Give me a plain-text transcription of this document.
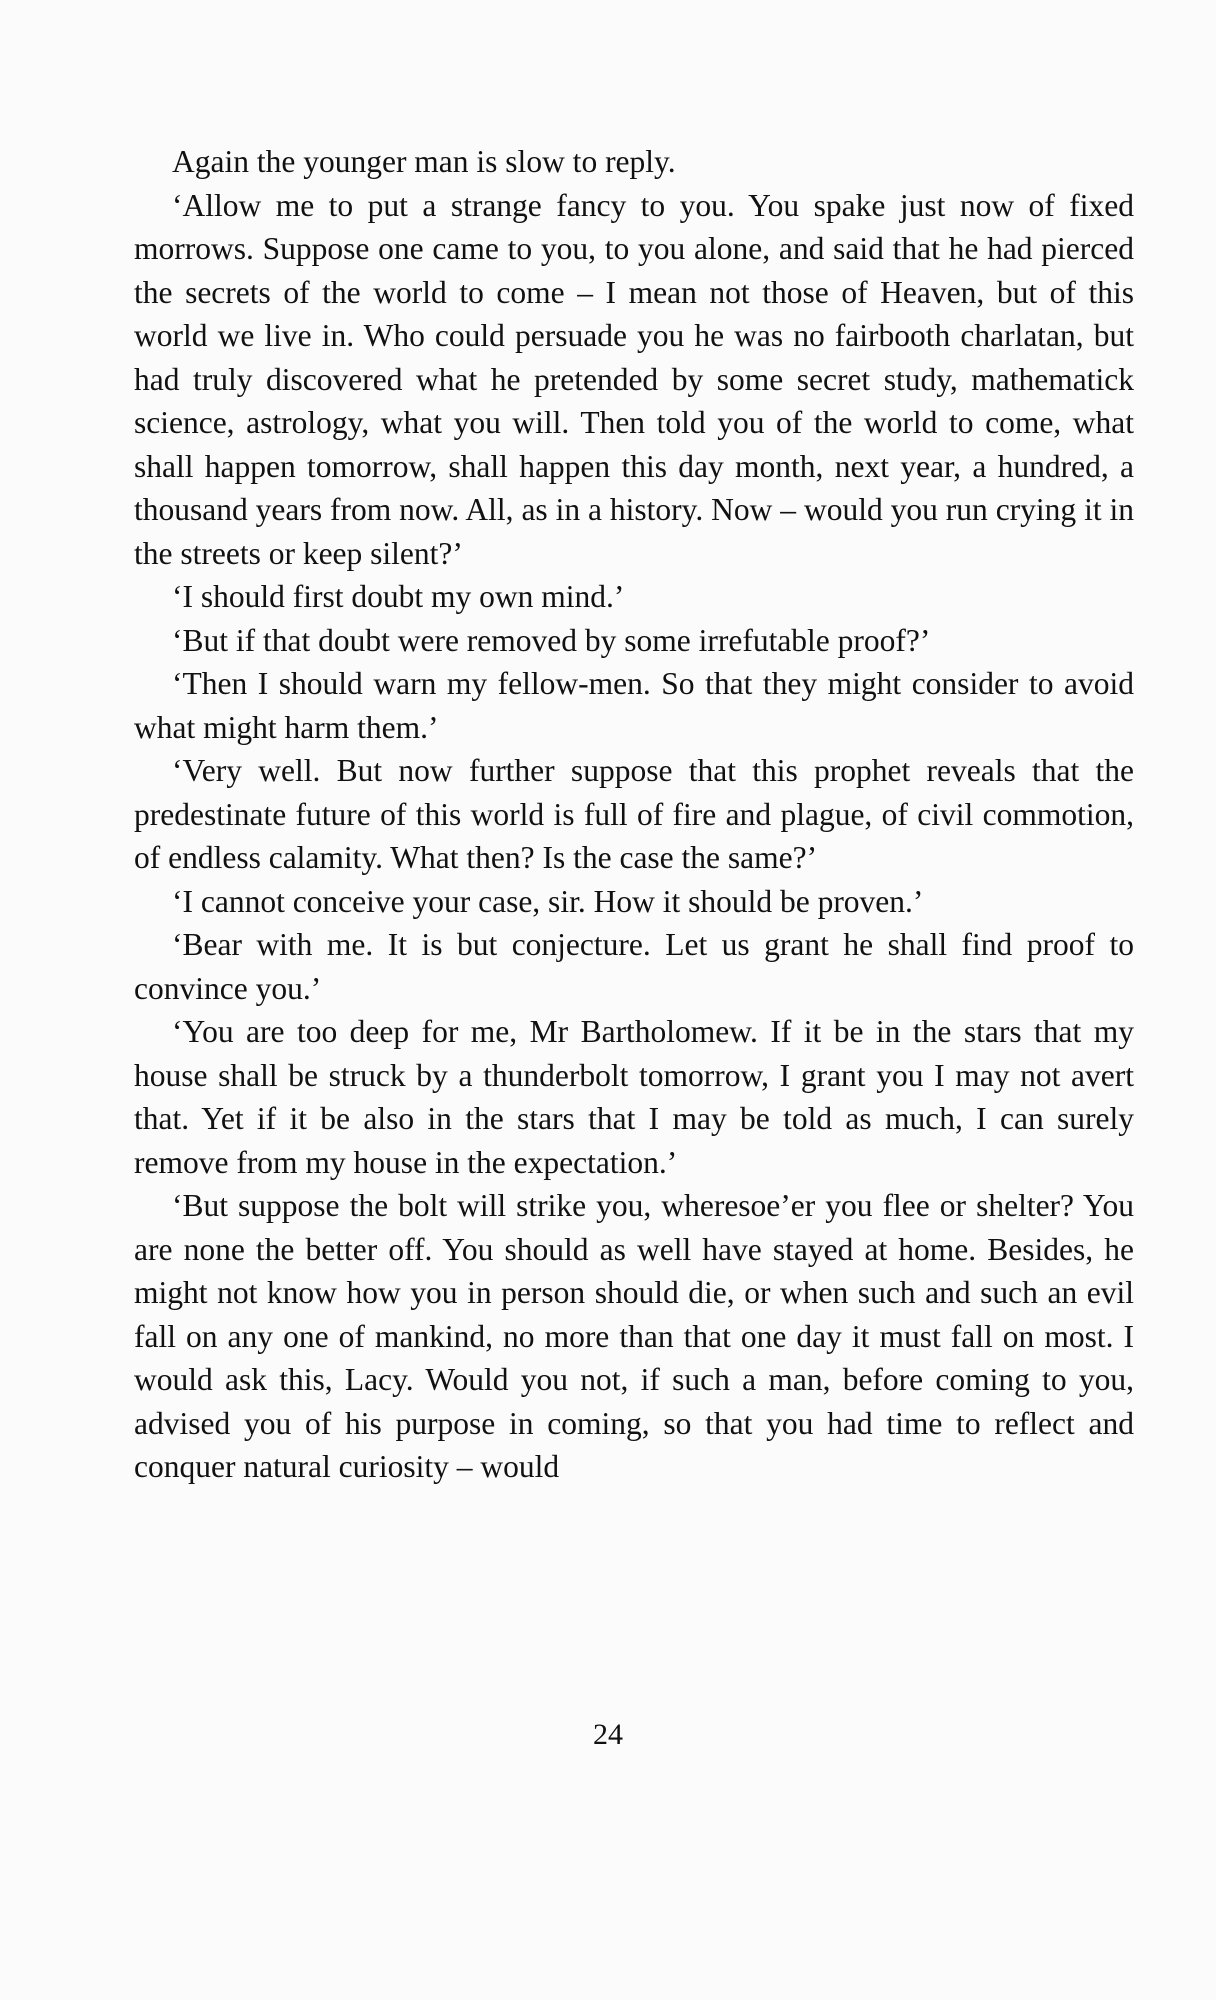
Again the younger man is slow to reply.

‘Allow me to put a strange fancy to you. You spake just now of fixed morrows. Suppose one came to you, to you alone, and said that he had pierced the secrets of the world to come – I mean not those of Heaven, but of this world we live in. Who could persuade you he was no fairbooth charlatan, but had truly discovered what he pretended by some secret study, mathematick science, astrology, what you will. Then told you of the world to come, what shall happen tomorrow, shall happen this day month, next year, a hundred, a thousand years from now. All, as in a history. Now – would you run crying it in the streets or keep silent?’

‘I should first doubt my own mind.’

‘But if that doubt were removed by some irrefutable proof?’

‘Then I should warn my fellow-men. So that they might consider to avoid what might harm them.’

‘Very well. But now further suppose that this prophet reveals that the predestinate future of this world is full of fire and plague, of civil commotion, of endless calamity. What then? Is the case the same?’

‘I cannot conceive your case, sir. How it should be proven.’

‘Bear with me. It is but conjecture. Let us grant he shall find proof to convince you.’

‘You are too deep for me, Mr Bartholomew. If it be in the stars that my house shall be struck by a thunderbolt tomorrow, I grant you I may not avert that. Yet if it be also in the stars that I may be told as much, I can surely remove from my house in the expectation.’

‘But suppose the bolt will strike you, wheresoe’er you flee or shelter? You are none the better off. You should as well have stayed at home. Besides, he might not know how you in person should die, or when such and such an evil fall on any one of mankind, no more than that one day it must fall on most. I would ask this, Lacy. Would you not, if such a man, before coming to you, advised you of his purpose in coming, so that you had time to reflect and conquer natural curiosity – would

24
